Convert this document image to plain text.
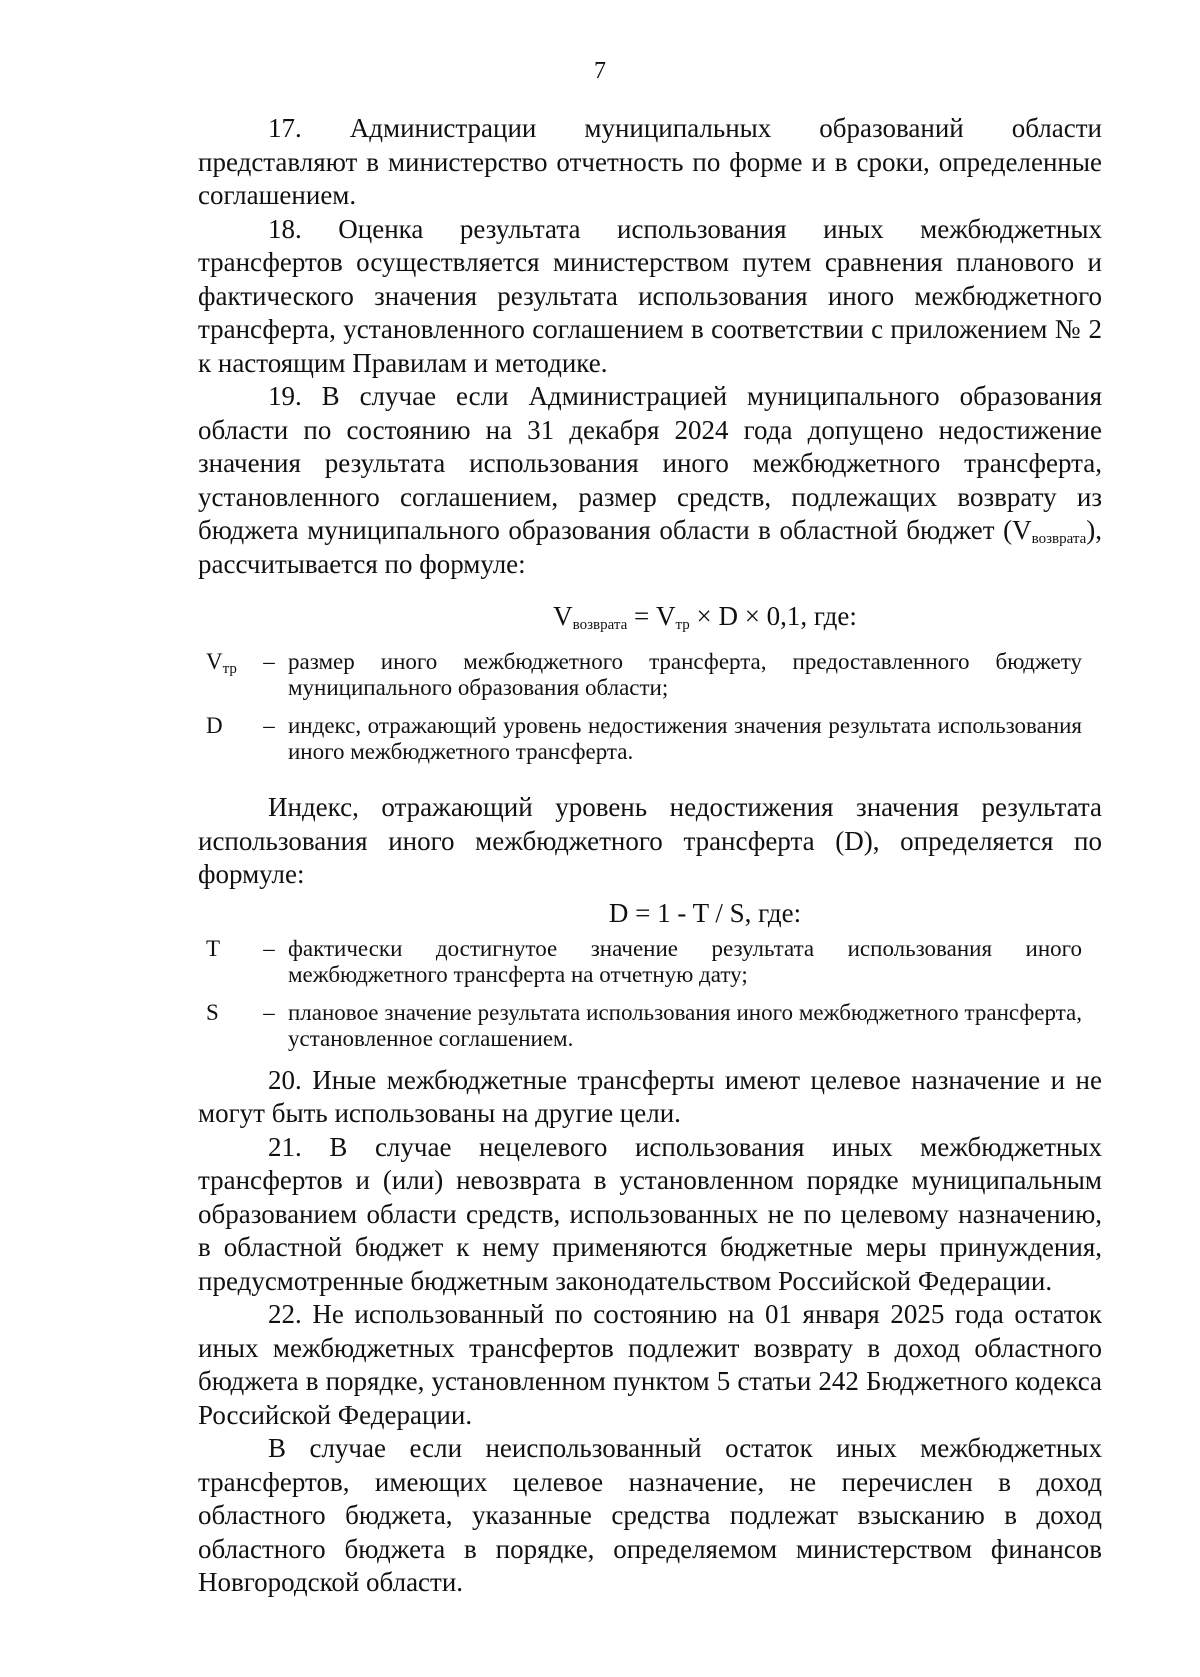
7

17. Администрации муниципальных образований области представляют в министерство отчетность по форме и в сроки, определенные соглашением.

18. Оценка результата использования иных межбюджетных трансфертов осуществляется министерством путем сравнения планового и фактического значения результата использования иного межбюджетного трансферта, установленного соглашением в соответствии с приложением № 2 к настоящим Правилам и методике.

19. В случае если Администрацией муниципального образования области по состоянию на 31 декабря 2024 года допущено недостижение значения результата использования иного межбюджетного трансферта, установленного соглашением, размер средств, подлежащих возврату из бюджета муниципального образования области в областной бюджет $(V_{возврата})$, рассчитывается по формуле:

$V_{возврата} = V_{тр} \times D \times 0,1$, где:

$V_{тр}$	– размер иного межбюджетного трансферта, предоставленного бюджету муниципального образования области;
D	– индекс, отражающий уровень недостижения значения результата использования иного межбюджетного трансферта.

Индекс, отражающий уровень недостижения значения результата использования иного межбюджетного трансферта (D), определяется по формуле:

D = 1 - T / S, где:

T	– фактически достигнутое значение результата использования иного межбюджетного трансферта на отчетную дату;
S	– плановое значение результата использования иного межбюджетного трансферта, установленное соглашением.

20. Иные межбюджетные трансферты имеют целевое назначение и не могут быть использованы на другие цели.

21. В случае нецелевого использования иных межбюджетных трансфертов и (или) невозврата в установленном порядке муниципальным образованием области средств, использованных не по целевому назначению, в областной бюджет к нему применяются бюджетные меры принуждения, предусмотренные бюджетным законодательством Российской Федерации.

22. Не использованный по состоянию на 01 января 2025 года остаток иных межбюджетных трансфертов подлежит возврату в доход областного бюджета в порядке, установленном пунктом 5 статьи 242 Бюджетного кодекса Российской Федерации.

В случае если неиспользованный остаток иных межбюджетных трансфертов, имеющих целевое назначение, не перечислен в доход областного бюджета, указанные средства подлежат взысканию в доход областного бюджета в порядке, определяемом министерством финансов Новгородской области.
